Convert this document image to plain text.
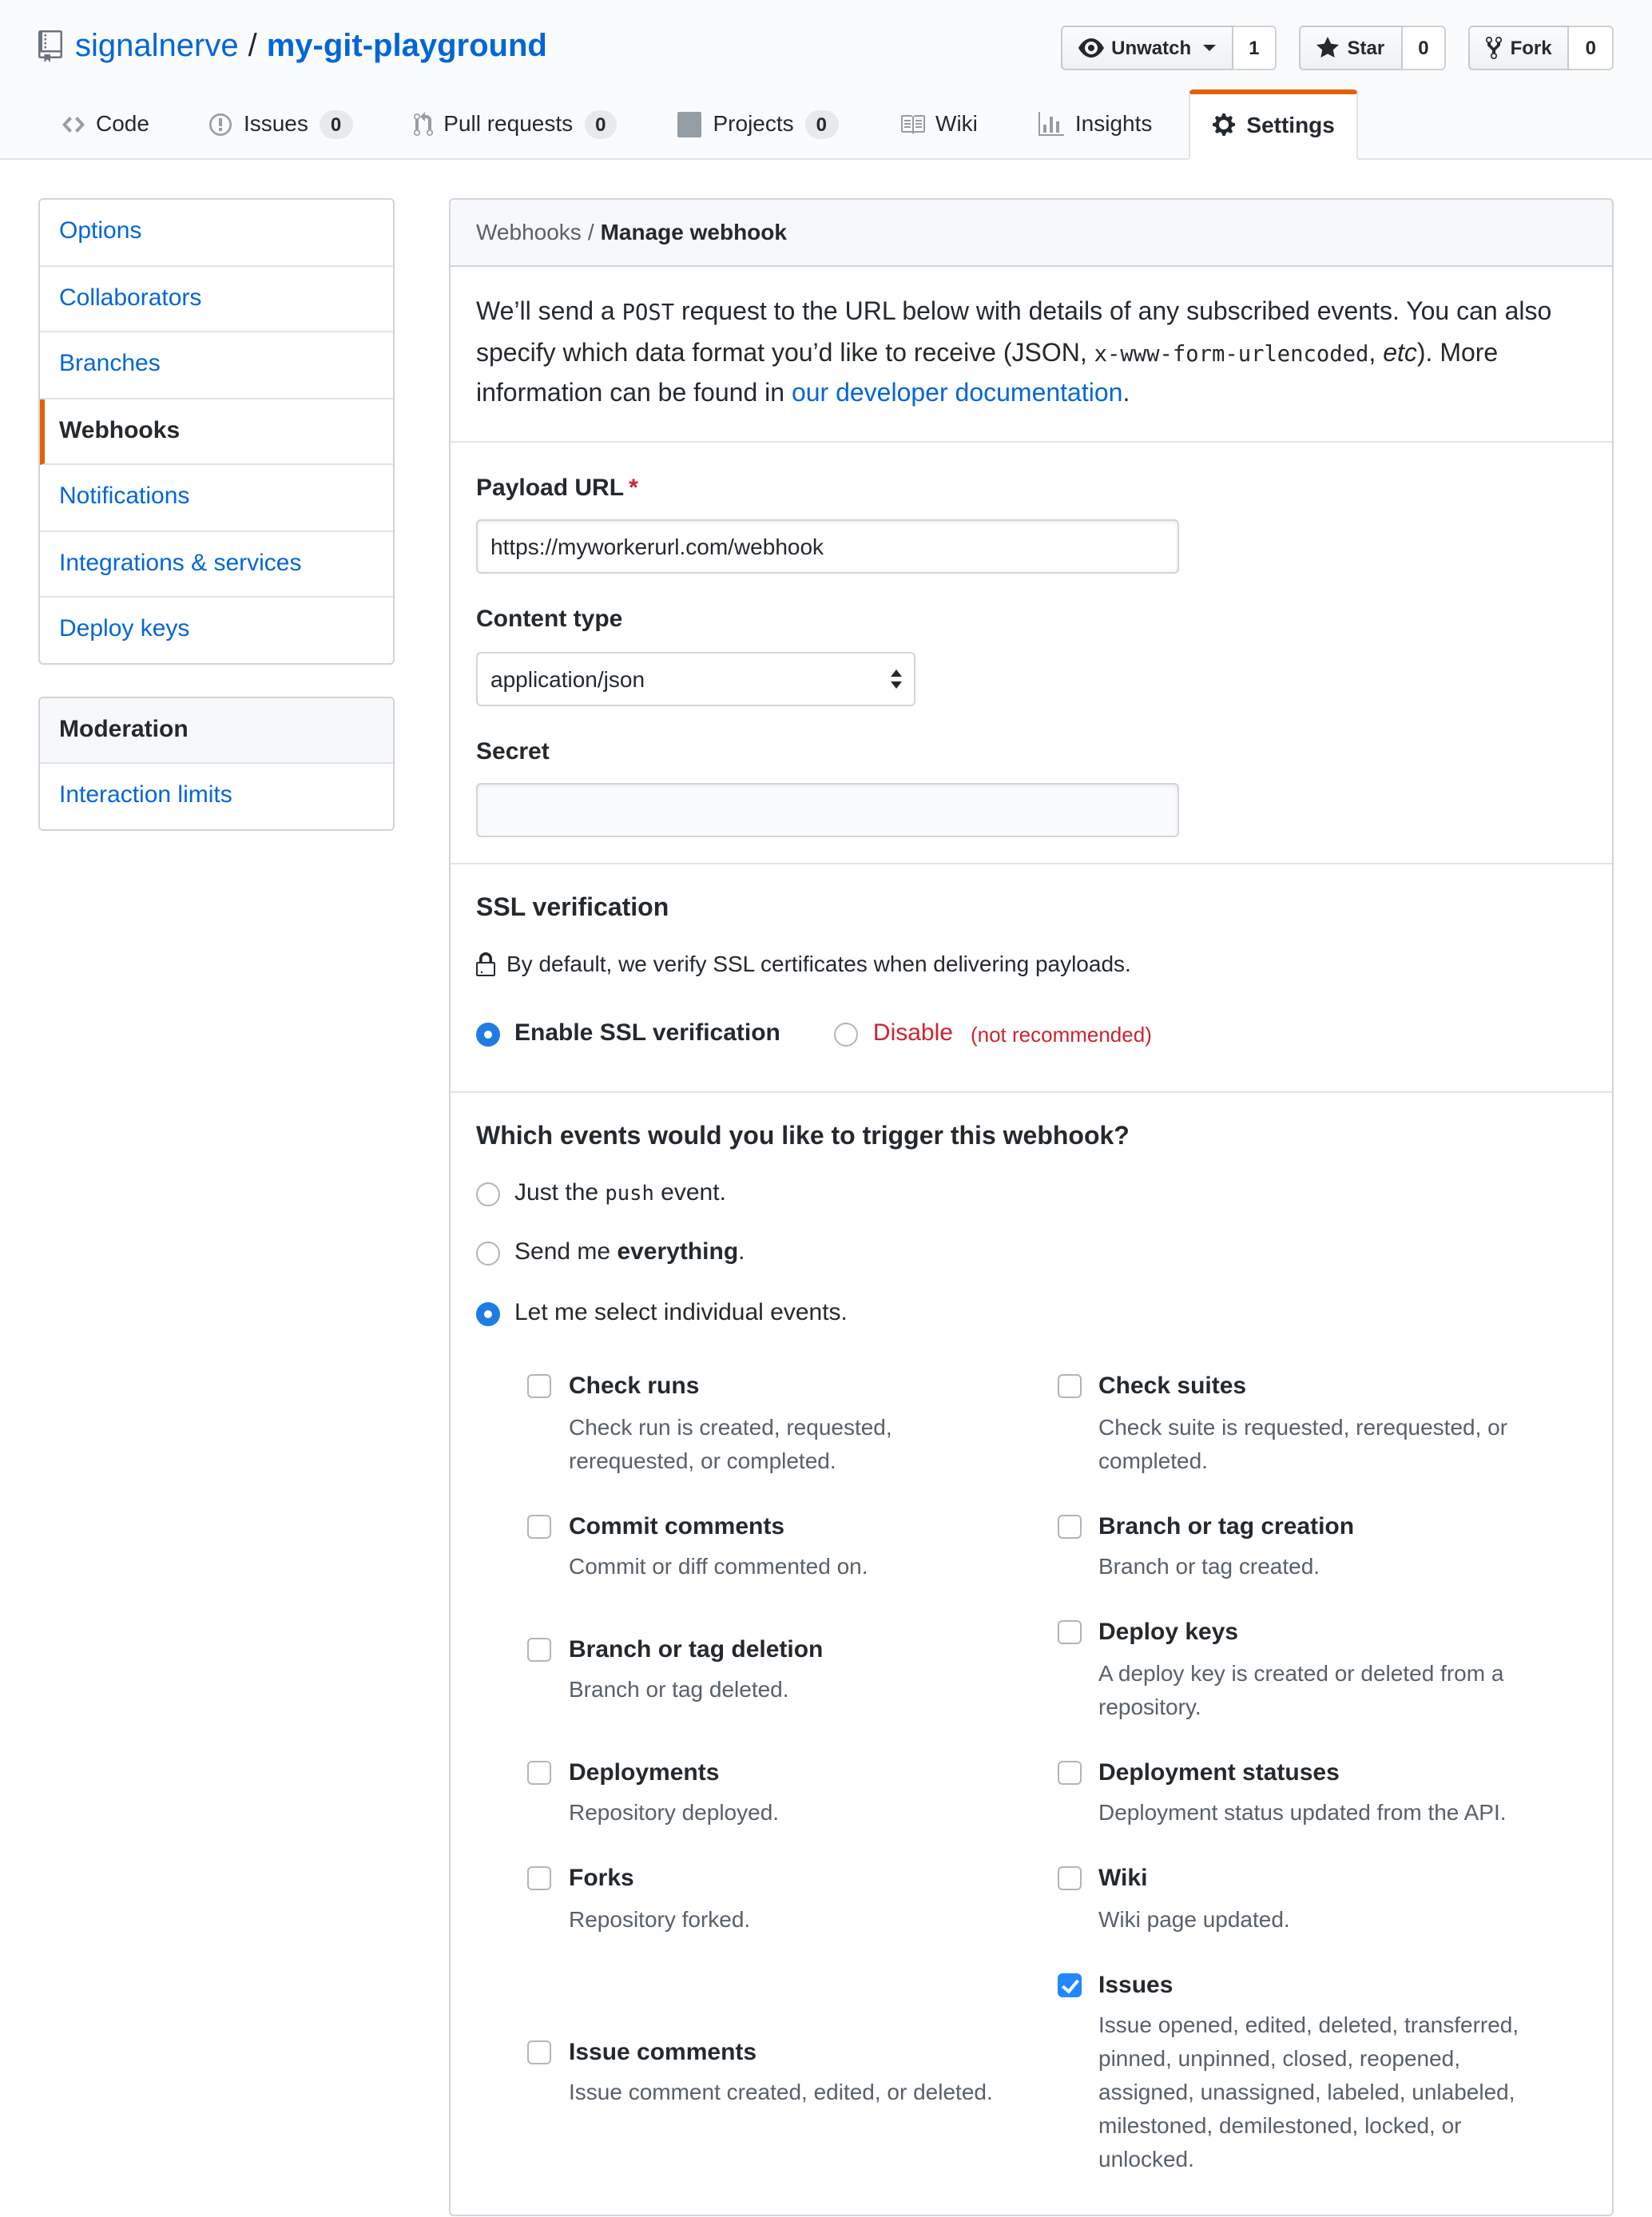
signalnerve / my-git-playground	Unwatch	1	Star	0	Fork	0
Code	Issues	0	Pull requests	0	Projects	0	Wiki	Insights	Settings
Options
Collaborators
Branches
Webhooks
Notifications
Integrations & services
Deploy keys
Moderation
Interaction limits
Webhooks / Manage webhook

We’ll send a POST request to the URL below with details of any subscribed events. You can also specify which data format you’d like to receive (JSON, x-www-form-urlencoded, etc). More information can be found in our developer documentation.

Payload URL *
https://myworkerurl.com/webhook
Content type
application/json
Secret
SSL verification
By default, we verify SSL certificates when delivering payloads.
Enable SSL verification	Disable (not recommended)
Which events would you like to trigger this webhook?
Just the push event.
Send me everything.
Let me select individual events.
Check runs

Check run is created, requested, rerequested, or completed.

Check suites

Check suite is requested, rerequested, or completed.

Commit comments

Commit or diff commented on.

Branch or tag creation

Branch or tag created.

Branch or tag deletion

Branch or tag deleted.

Deploy keys

A deploy key is created or deleted from a repository.

Deployments

Repository deployed.

Deployment statuses

Deployment status updated from the API.

Forks

Repository forked.

Wiki

Wiki page updated.

Issue comments

Issue comment created, edited, or deleted.

Issues

Issue opened, edited, deleted, transferred, pinned, unpinned, closed, reopened, assigned, unassigned, labeled, unlabeled, milestoned, demilestoned, locked, or unlocked.
